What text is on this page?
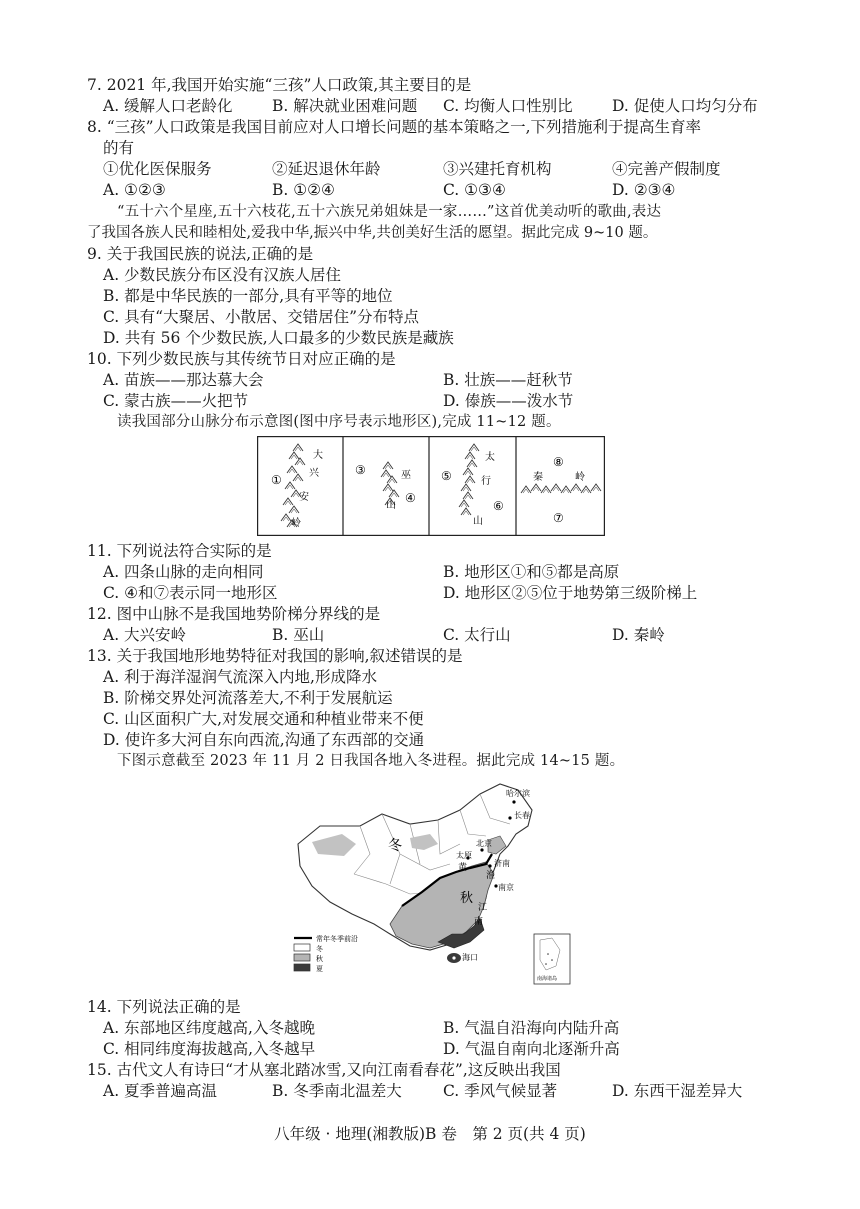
7. 2021 年,我国开始实施“三孩”人口政策,其主要目的是
A. 缓解人口老龄化	B. 解决就业困难问题 C. 均衡人口性别比	D. 促使人口均匀分布
8. “三孩”人口政策是我国目前应对人口增长问题的基本策略之一,下列措施利于提高生育率
的有
①优化医保服务	②延迟退休年龄	③兴建托育机构	④完善产假制度
A. ①②③	B. ①②④	C. ①③④	D. ②③④
“五十六个星座,五十六枝花,五十六族兄弟姐妹是一家……”这首优美动听的歌曲,表达
了我国各族人民和睦相处,爱我中华,振兴中华,共创美好生活的愿望。据此完成 9~10 题。
9. 关于我国民族的说法,正确的是
A. 少数民族分布区没有汉族人居住
B. 都是中华民族的一部分,具有平等的地位
C. 具有“大聚居、小散居、交错居住”分布特点
D. 共有 56 个少数民族,人口最多的少数民族是藏族
10. 下列少数民族与其传统节日对应正确的是
A. 苗族——那达慕大会	B. 壮族——赶秋节
C. 蒙古族——火把节	D. 傣族——泼水节
读我国部分山脉分布示意图(图中序号表示地形区),完成 11~12 题。
①
大
兴
安
岭
③
④
巫
山
⑤
⑥
太
行
山
⑧
⑦
秦	岭
11. 下列说法符合实际的是
A. 四条山脉的走向相同	B. 地形区①和⑤都是高原
C. ④和⑦表示同一地形区	D. 地形区②⑤位于地势第三级阶梯上
12. 图中山脉不是我国地势阶梯分界线的是
A. 大兴安岭	B. 巫山	C. 太行山	D. 秦岭
13. 关于我国地形地势特征对我国的影响,叙述错误的是
A. 利于海洋湿润气流深入内地,形成降水
B. 阶梯交界处河流落差大,不利于发展航运
C. 山区面积广大,对发展交通和种植业带来不便
D. 使许多大河自东向西流,沟通了东西部的交通
下图示意截至 2023 年 11 月 2 日我国各地入冬进程。据此完成 14~15 题。
哈尔滨
长春
北京
太原
济南
南京
海口
冬
秋
黄
淮
江
南
常年冬季前沿
冬
秋
夏
南海诸岛
14. 下列说法正确的是
A. 东部地区纬度越高,入冬越晚	B. 气温自沿海向内陆升高
C. 相同纬度海拔越高,入冬越早	D. 气温自南向北逐渐升高
15. 古代文人有诗曰“才从塞北踏冰雪,又向江南看春花”,这反映出我国
A. 夏季普遍高温	B. 冬季南北温差大	C. 季风气候显著	D. 东西干湿差异大
八年级 · 地理(湘教版)B 卷　第 2 页(共 4 页)
